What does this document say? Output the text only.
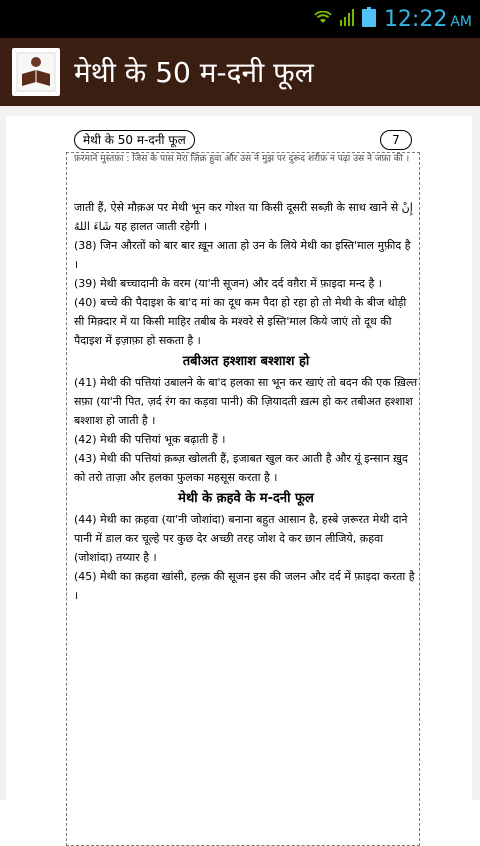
12:22 AM
मेथी के 50 म-दनी फूल
मेथी के 50 म-दनी फूल	7
फ़रमाने मुस्तफ़ा : जिस के पास मेरा ज़िक्र हुवा और उस ने मुझ पर दुरूद शरीफ़ न पढ़ा उस ने जफ़ा की ।

जाती हैं, ऐसे मौक़अ पर मेथी भून कर गोश्त या किसी दूसरी सब्ज़ी के साथ खाने से إِنْ شَاءَ اللهُ यह हालत जाती रहेगी ।

(38) जिन औरतों को बार बार ख़ून आता हो उन के लिये मेथी का इस्ति'माल मुफ़ीद है ।

(39) मेथी बच्चादानी के वरम (या'नी सूजन) और दर्द वग़ैरा में फ़ाइदा मन्द है ।

(40) बच्चे की पैदाइश के बा'द मां का दूध कम पैदा हो रहा हो तो मेथी के बीज थोड़ी सी मिक़्दार में या किसी माहिर तबीब के मश्वरे से इस्ति'माल किये जाएं तो दूध की पैदाइश में इज़ाफ़ा हो सकता है ।

तबीअत हश्शाश बश्शाश हो

(41) मेथी की पत्तियां उबालने के बा'द हलका सा भून कर खाएं तो बदन की एक ख़िल्त सफ़ा (या'नी पित, ज़र्द रंग का कड़वा पानी) की ज़ियादती ख़त्म हो कर तबीअत हश्शाश बश्शाश हो जाती है ।

(42) मेथी की पत्तियां भूक बढ़ाती हैं ।

(43) मेथी की पत्तियां क़ब्ज़ खोलती हैं, इजाबत खुल कर आती है और यूं इन्सान ख़ुद को तरो ताज़ा और हलका फुलका महसूस करता है ।

मेथी के क़हवे के म-दनी फूल

(44) मेथी का क़हवा (या'नी जोशांदा) बनाना बहुत आसान है, हस्बे ज़रूरत मेथी दाने पानी में डाल कर चूल्हे पर कुछ देर अच्छी तरह जोश दे कर छान लीजिये, क़हवा (जोशांदा) तय्यार है ।

(45) मेथी का क़हवा खांसी, हल्क़ की सूजन इस की जलन और दर्द में फ़ाइदा करता है ।
